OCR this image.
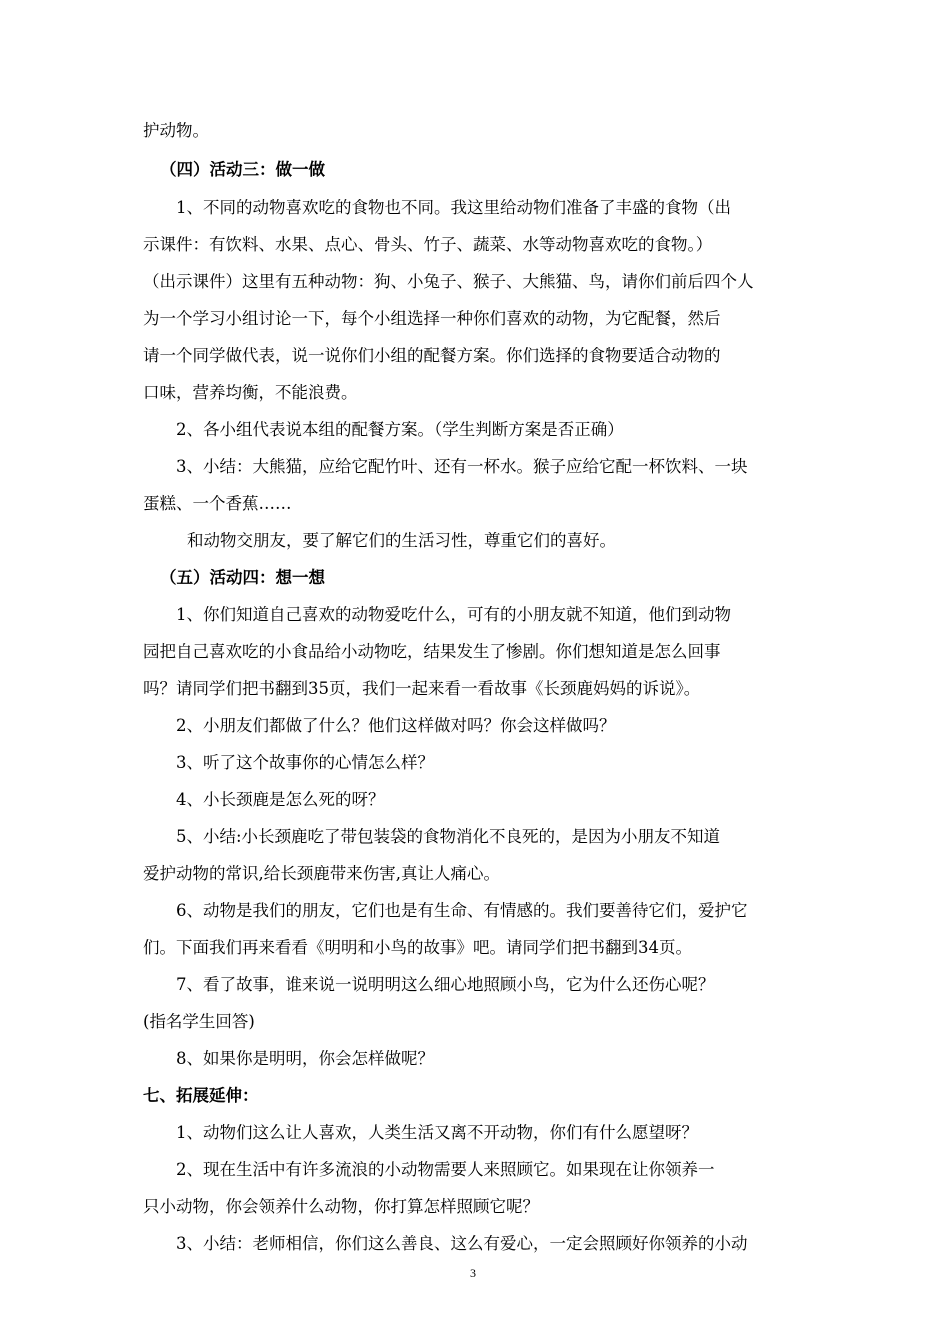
护动物。
（四）活动三：做一做
1、不同的动物喜欢吃的食物也不同。我这里给动物们准备了丰盛的食物（出
示课件：有饮料、水果、点心、骨头、竹子、蔬菜、水等动物喜欢吃的食物。）
（出示课件）这里有五种动物：狗、小兔子、猴子、大熊猫、鸟，请你们前后四个人
为一个学习小组讨论一下，每个小组选择一种你们喜欢的动物，为它配餐，然后
请一个同学做代表，说一说你们小组的配餐方案。你们选择的食物要适合动物的
口味，营养均衡，不能浪费。
2、各小组代表说本组的配餐方案。（学生判断方案是否正确）
3、小结：大熊猫，应给它配竹叶、还有一杯水。猴子应给它配一杯饮料、一块
蛋糕、一个香蕉……
和动物交朋友，要了解它们的生活习性，尊重它们的喜好。
（五）活动四：想一想
1、你们知道自己喜欢的动物爱吃什么，可有的小朋友就不知道，他们到动物
园把自己喜欢吃的小食品给小动物吃，结果发生了惨剧。你们想知道是怎么回事
吗？请同学们把书翻到35页，我们一起来看一看故事《长颈鹿妈妈的诉说》。
2、小朋友们都做了什么？他们这样做对吗？你会这样做吗？
3、听了这个故事你的心情怎么样？
4、小长颈鹿是怎么死的呀？
5、小结:小长颈鹿吃了带包装袋的食物消化不良死的，是因为小朋友不知道
爱护动物的常识,给长颈鹿带来伤害,真让人痛心。
6、动物是我们的朋友，它们也是有生命、有情感的。我们要善待它们，爱护它
们。下面我们再来看看《明明和小鸟的故事》吧。请同学们把书翻到34页。
7、看了故事，谁来说一说明明这么细心地照顾小鸟，它为什么还伤心呢？
(指名学生回答)
8、如果你是明明，你会怎样做呢？
七、拓展延伸：
1、动物们这么让人喜欢，人类生活又离不开动物，你们有什么愿望呀？
2、现在生活中有许多流浪的小动物需要人来照顾它。如果现在让你领养一
只小动物，你会领养什么动物，你打算怎样照顾它呢？
3、小结：老师相信，你们这么善良、这么有爱心，一定会照顾好你领养的小动
3
